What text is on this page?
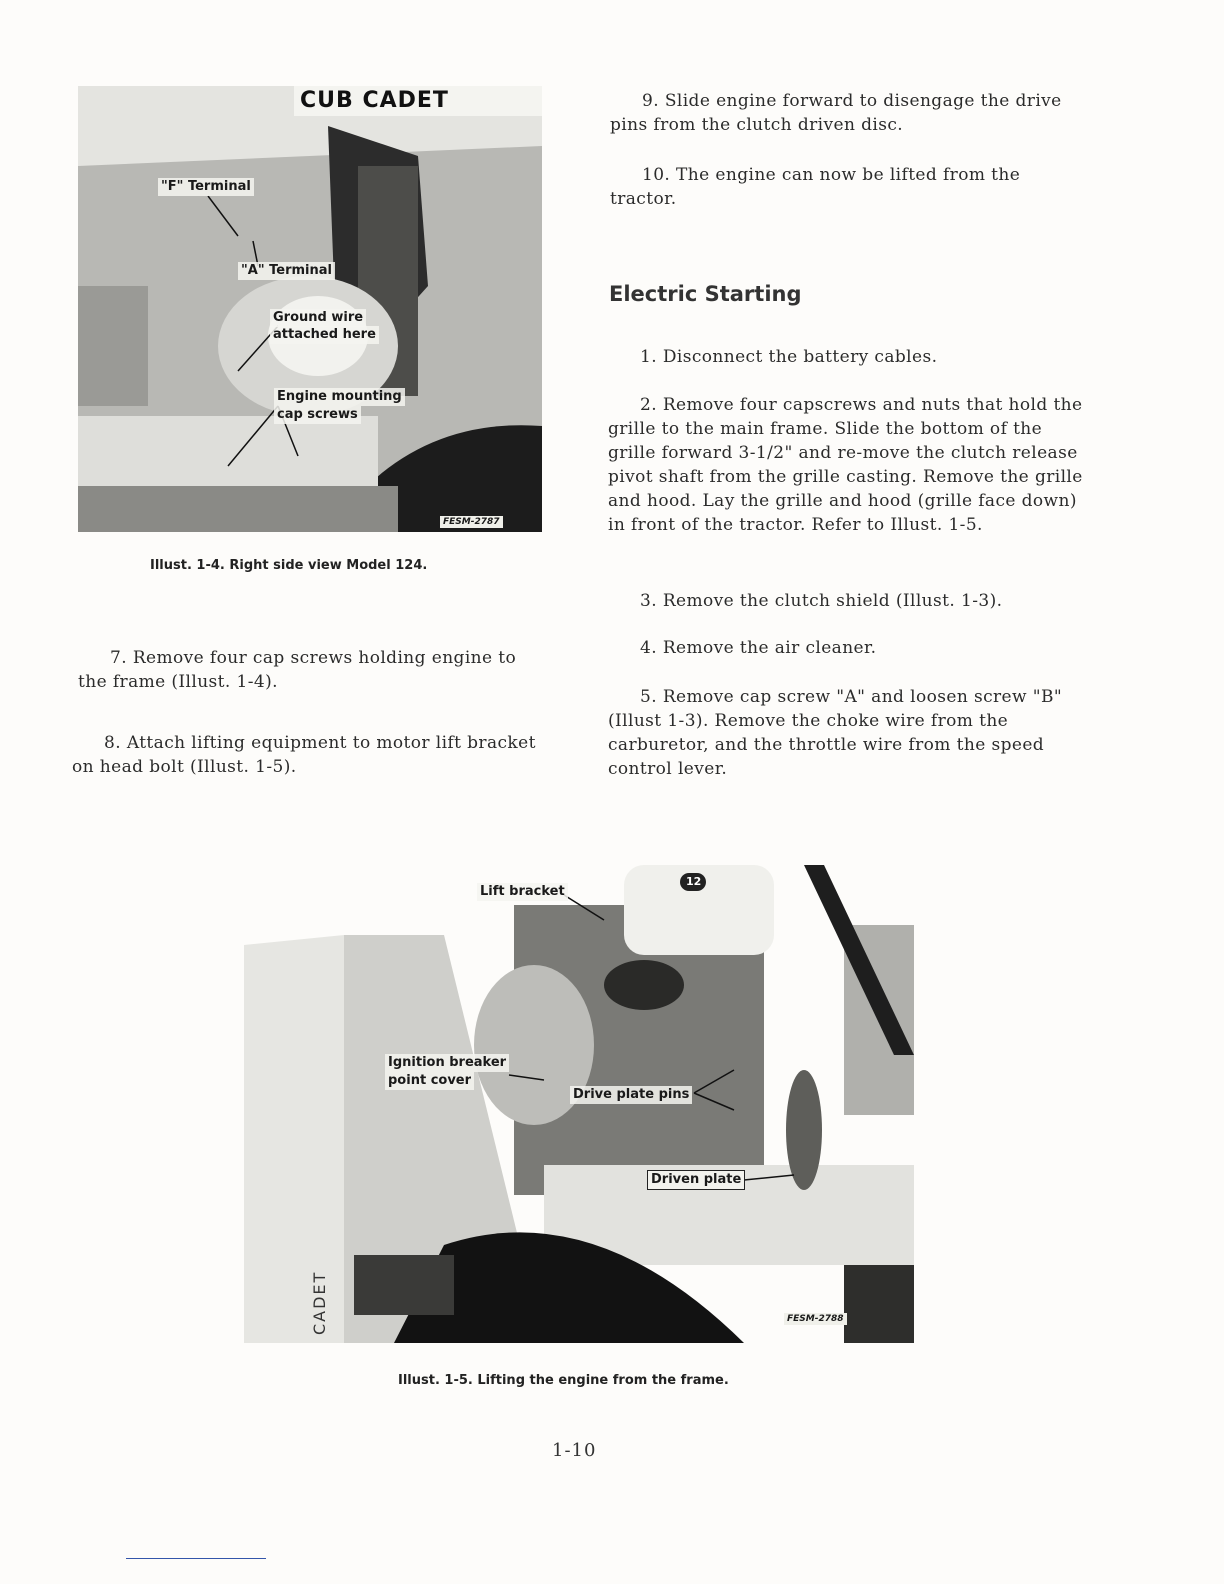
CUB CADET
"F" Terminal
"A" Terminal
Ground wire
attached here
Engine mounting
cap screws
FESM-2787
Illust. 1-4. Right side view Model 124.
7. Remove four cap screws holding engine to the frame (Illust. 1-4).
8. Attach lifting equipment to motor lift bracket on head bolt (Illust. 1-5).
9. Slide engine forward to disengage the drive pins from the clutch driven disc.
10. The engine can now be lifted from the tractor.
Electric Starting
1. Disconnect the battery cables.
2. Remove four capscrews and nuts that hold the grille to the main frame. Slide the bottom of the grille forward 3-1/2" and re-move the clutch release pivot shaft from the grille casting. Remove the grille and hood. Lay the grille and hood (grille face down) in front of the tractor. Refer to Illust. 1-5.
3. Remove the clutch shield (Illust. 1-3).
4. Remove the air cleaner.
5. Remove cap screw "A" and loosen screw "B" (Illust 1-3). Remove the choke wire from the carburetor, and the throttle wire from the speed control lever.
12
CADET
Lift bracket
Ignition breaker
point cover
Drive plate pins
Driven plate
FESM-2788
Illust. 1-5. Lifting the engine from the frame.
1-10
